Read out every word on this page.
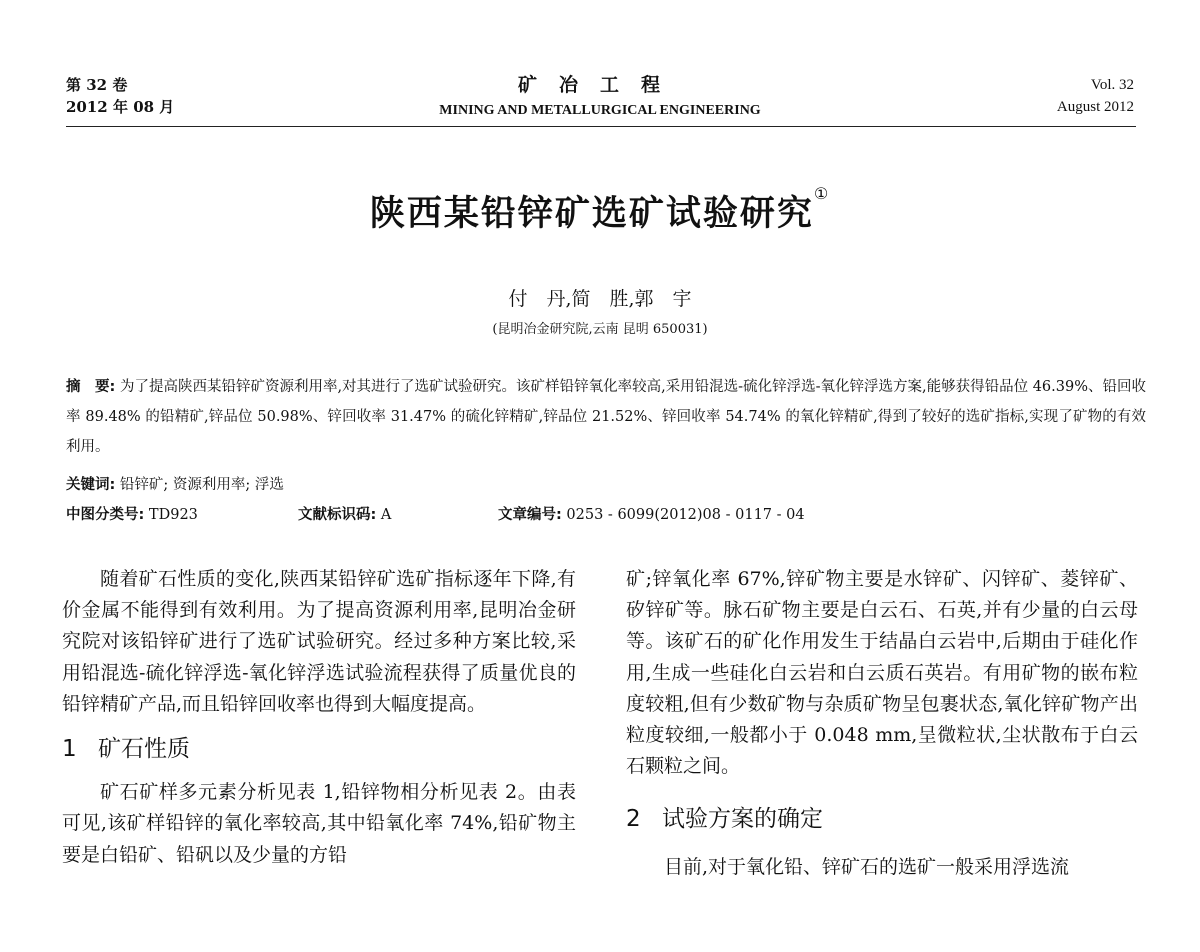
第 32 卷
2012 年 08 月
矿冶工程
MINING AND METALLURGICAL ENGINEERING
Vol. 32
August 2012
陕西某铅锌矿选矿试验研究①
付　丹,简　胜,郭　宇
(昆明冶金研究院,云南 昆明 650031)
摘　要: 为了提高陕西某铅锌矿资源利用率,对其进行了选矿试验研究。该矿样铅锌氧化率较高,采用铅混选-硫化锌浮选-氧化锌浮选方案,能够获得铅品位 46.39%、铅回收率 89.48% 的铅精矿,锌品位 50.98%、锌回收率 31.47% 的硫化锌精矿,锌品位 21.52%、锌回收率 54.74% 的氧化锌精矿,得到了较好的选矿指标,实现了矿物的有效利用。
关键词: 铅锌矿; 资源利用率; 浮选
中图分类号: TD923	文献标识码: A	文章编号: 0253 - 6099(2012)08 - 0117 - 04

随着矿石性质的变化,陕西某铅锌矿选矿指标逐年下降,有价金属不能得到有效利用。为了提高资源利用率,昆明冶金研究院对该铅锌矿进行了选矿试验研究。经过多种方案比较,采用铅混选-硫化锌浮选-氧化锌浮选试验流程获得了质量优良的铅锌精矿产品,而且铅锌回收率也得到大幅度提高。

1 矿石性质

矿石矿样多元素分析见表 1,铅锌物相分析见表 2。由表可见,该矿样铅锌的氧化率较高,其中铅氧化率 74%,铅矿物主要是白铅矿、铅矾以及少量的方铅

矿;锌氧化率 67%,锌矿物主要是水锌矿、闪锌矿、菱锌矿、矽锌矿等。脉石矿物主要是白云石、石英,并有少量的白云母等。该矿石的矿化作用发生于结晶白云岩中,后期由于硅化作用,生成一些硅化白云岩和白云质石英岩。有用矿物的嵌布粒度较粗,但有少数矿物与杂质矿物呈包裹状态,氧化锌矿物产出粒度较细,一般都小于 0.048 mm,呈微粒状,尘状散布于白云石颗粒之间。

2 试验方案的确定

目前,对于氧化铅、锌矿石的选矿一般采用浮选流
